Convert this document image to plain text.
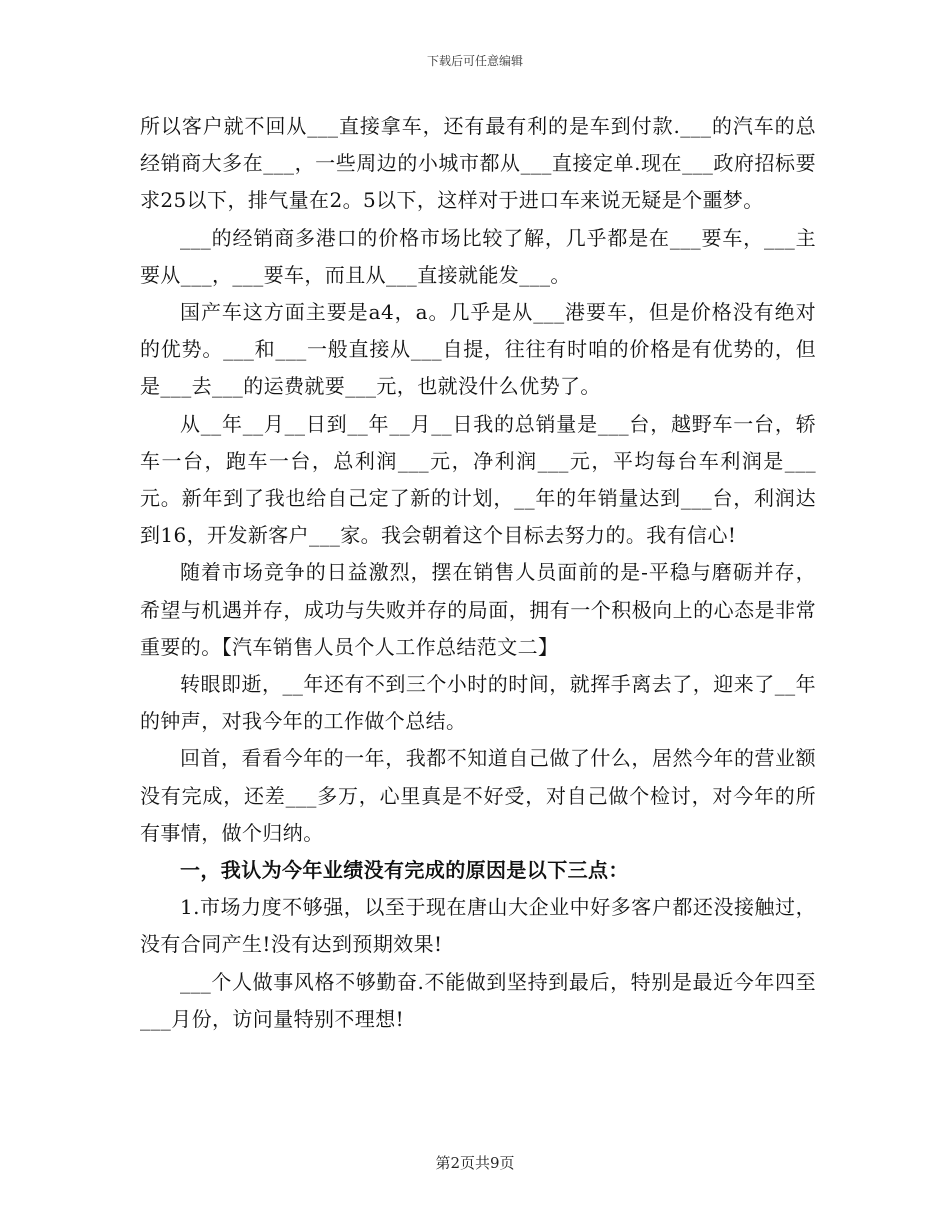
下载后可任意编辑

所以客户就不回从___直接拿车，还有最有利的是车到付款.___的汽车的总经销商大多在___，一些周边的小城市都从___直接定单.现在___政府招标要求25以下，排气量在2。5以下，这样对于进口车来说无疑是个噩梦。

___的经销商多港口的价格市场比较了解，几乎都是在___要车，___主要从___，___要车，而且从___直接就能发___。

国产车这方面主要是a4，a。几乎是从___港要车，但是价格没有绝对的优势。___和___一般直接从___自提，往往有时咱的价格是有优势的，但是___去___的运费就要___元，也就没什么优势了。

从__年__月__日到__年__月__日我的总销量是___台，越野车一台，轿车一台，跑车一台，总利润___元，净利润___元，平均每台车利润是___元。新年到了我也给自己定了新的计划，__年的年销量达到___台，利润达到16，开发新客户___家。我会朝着这个目标去努力的。我有信心!

随着市场竞争的日益激烈，摆在销售人员面前的是-平稳与磨砺并存，希望与机遇并存，成功与失败并存的局面，拥有一个积极向上的心态是非常重要的。【汽车销售人员个人工作总结范文二】

转眼即逝，__年还有不到三个小时的时间，就挥手离去了，迎来了__年的钟声，对我今年的工作做个总结。

回首，看看今年的一年，我都不知道自己做了什么，居然今年的营业额没有完成，还差___多万，心里真是不好受，对自己做个检讨，对今年的所有事情，做个归纳。

一，我认为今年业绩没有完成的原因是以下三点：

1.市场力度不够强，以至于现在唐山大企业中好多客户都还没接触过，没有合同产生!没有达到预期效果!

___个人做事风格不够勤奋.不能做到坚持到最后，特别是最近今年四至___月份，访问量特别不理想!

第2页共9页
